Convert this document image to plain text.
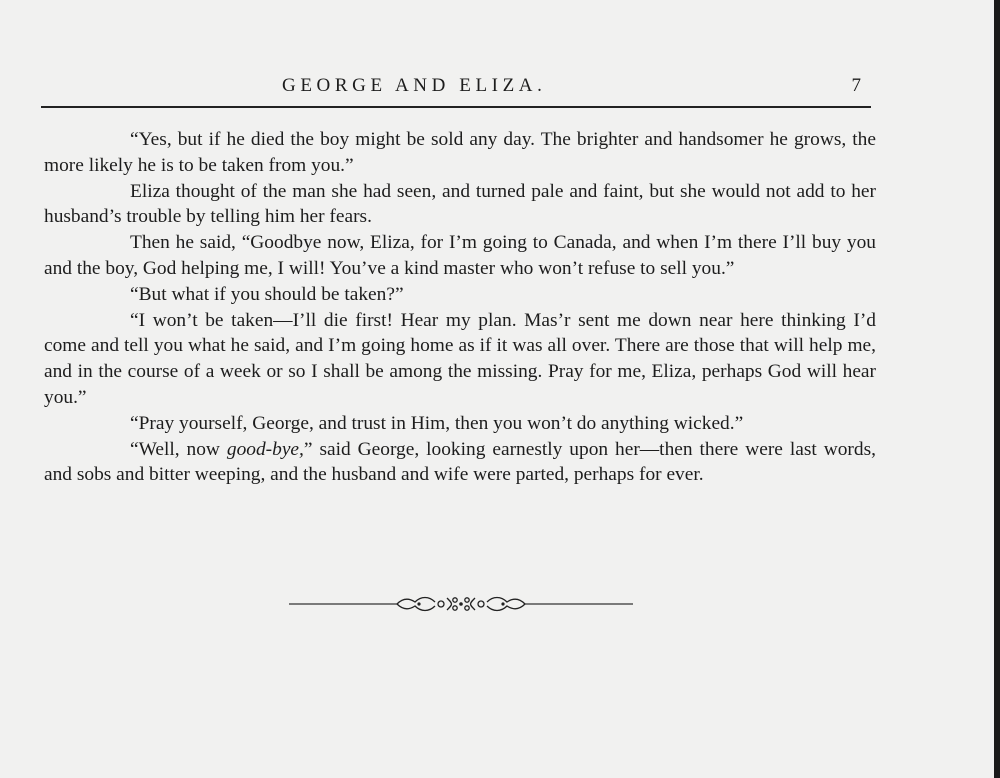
GEORGE AND ELIZA.	7

“Yes, but if he died the boy might be sold any day. The brighter and handsomer he grows, the more likely he is to be taken from you.”

Eliza thought of the man she had seen, and turned pale and faint, but she would not add to her husband’s trouble by telling him her fears.

Then he said, “Goodbye now, Eliza, for I’m going to Canada, and when I’m there I’ll buy you and the boy, God helping me, I will! You’ve a kind master who won’t refuse to sell you.”

“But what if you should be taken?”

“I won’t be taken—I’ll die first! Hear my plan. Mas’r sent me down near here thinking I’d come and tell you what he said, and I’m going home as if it was all over. There are those that will help me, and in the course of a week or so I shall be among the missing. Pray for me, Eliza, perhaps God will hear you.”

“Pray yourself, George, and trust in Him, then you won’t do anything wicked.”

“Well, now good-bye,” said George, looking earnestly upon her—then there were last words, and sobs and bitter weeping, and the husband and wife were parted, perhaps for ever.
